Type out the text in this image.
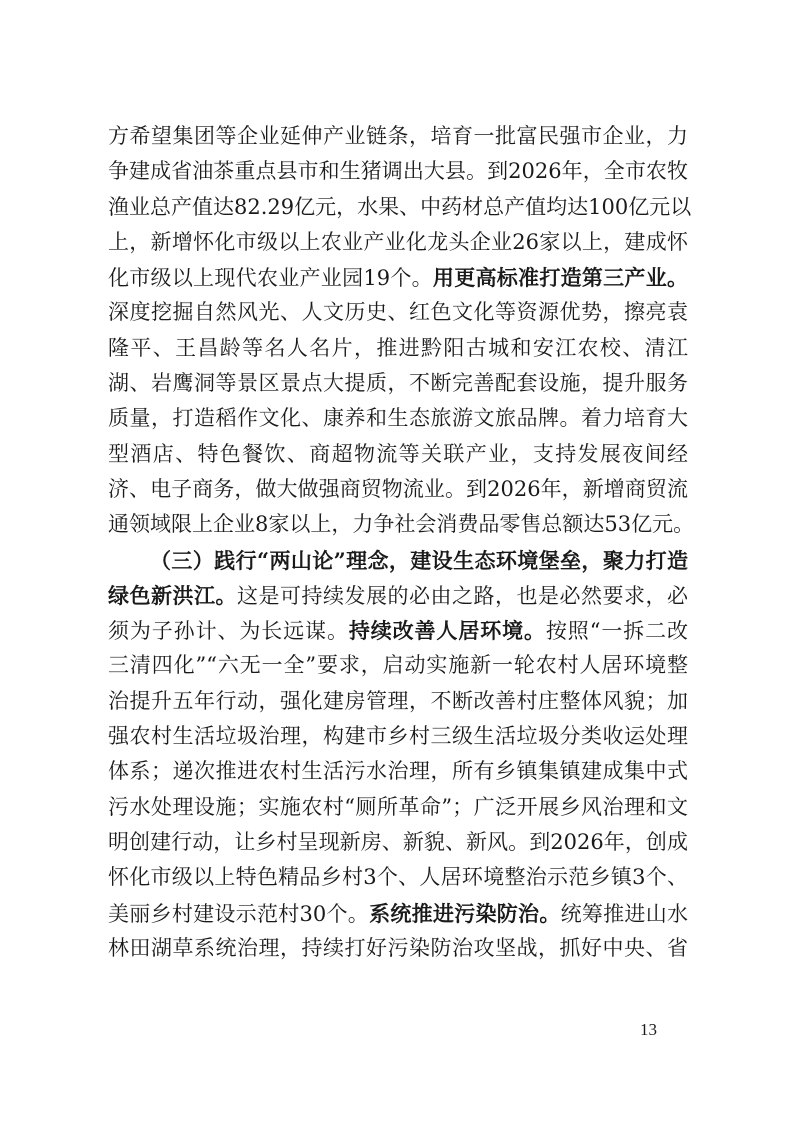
方希望集团等企业延伸产业链条，培育一批富民强市企业，力
争建成省油茶重点县市和生猪调出大县。到2026年，全市农牧
渔业总产值达82.29亿元，水果、中药材总产值均达100亿元以
上，新增怀化市级以上农业产业化龙头企业26家以上，建成怀
化市级以上现代农业产业园19个。用更高标准打造第三产业。
深度挖掘自然风光、人文历史、红色文化等资源优势，擦亮袁
隆平、王昌龄等名人名片，推进黔阳古城和安江农校、清江
湖、岩鹰洞等景区景点大提质，不断完善配套设施，提升服务
质量，打造稻作文化、康养和生态旅游文旅品牌。着力培育大
型酒店、特色餐饮、商超物流等关联产业，支持发展夜间经
济、电子商务，做大做强商贸物流业。到2026年，新增商贸流
通领域限上企业8家以上，力争社会消费品零售总额达53亿元。
（三）践行“两山论”理念，建设生态环境堡垒，聚力打造
绿色新洪江。这是可持续发展的必由之路，也是必然要求，必
须为子孙计、为长远谋。持续改善人居环境。按照“一拆二改
三清四化”“六无一全”要求，启动实施新一轮农村人居环境整
治提升五年行动，强化建房管理，不断改善村庄整体风貌；加
强农村生活垃圾治理，构建市乡村三级生活垃圾分类收运处理
体系；递次推进农村生活污水治理，所有乡镇集镇建成集中式
污水处理设施；实施农村“厕所革命”；广泛开展乡风治理和文
明创建行动，让乡村呈现新房、新貌、新风。到2026年，创成
怀化市级以上特色精品乡村3个、人居环境整治示范乡镇3个、
美丽乡村建设示范村30个。系统推进污染防治。统筹推进山水
林田湖草系统治理，持续打好污染防治攻坚战，抓好中央、省
13
